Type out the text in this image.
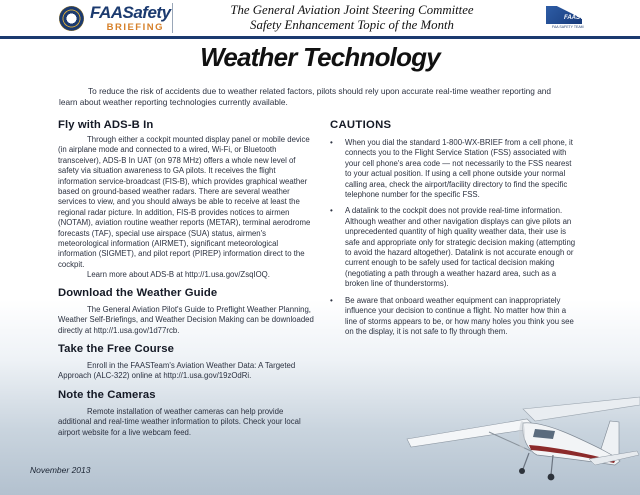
FAASafety
BRIEFING
The General Aviation Joint Steering Committee
Safety Enhancement Topic of the Month	FAAST
FAA SAFETY TEAM
Weather Technology

To reduce the risk of accidents due to weather related factors, pilots should rely upon accurate real-time weather reporting and learn about weather reporting technologies currently available.

Fly with ADS-B In

Through either a cockpit mounted display panel or mobile device (in airplane mode and connected to a wired, Wi-Fi, or Bluetooth transceiver), ADS-B In UAT (on 978 MHz) offers a whole new level of safety via situation awareness to GA pilots. It receives the flight information service-broadcast (FIS-B), which provides graphical weather based on ground-based weather radars. There are several weather services to view, and you should always be able to receive at least the regional radar picture. In addition, FIS-B provides notices to airmen (NOTAM), aviation routine weather reports (METAR), terminal aerodrome forecasts (TAF), special use airspace (SUA) status, airmen's meteorological information (AIRMET), significant meteorological information (SIGMET), and pilot report (PIREP) information direct to the cockpit.

Learn more about ADS-B at http://1.usa.gov/ZsqIOQ.

Download the Weather Guide

The General Aviation Pilot's Guide to Preflight Weather Planning, Weather Self-Briefings, and Weather Decision Making can be downloaded directly at http://1.usa.gov/1d77rcb.

Take the Free Course

Enroll in the FAASTeam's Aviation Weather Data: A Targeted Approach (ALC-322) online at http://1.usa.gov/19zOdRi.

Note the Cameras

Remote installation of weather cameras can help provide additional and real-time weather information to pilots. Check your local airport website for a live webcam feed.

CAUTIONS
• When you dial the standard 1-800-WX-BRIEF from a cell phone, it connects you to the Flight Service Station (FSS) associated with your cell phone's area code — not necessarily to the FSS nearest to your actual position. If using a cell phone outside your normal calling area, check the airport/facility directory to find the specific telephone number for the specific FSS.
• A datalink to the cockpit does not provide real-time information. Although weather and other navigation displays can give pilots an unprecedented quantity of high quality weather data, their use is safe and appropriate only for strategic decision making (attempting to avoid the hazard altogether). Datalink is not accurate enough or current enough to be safely used for tactical decision making (negotiating a path through a weather hazard area, such as a broken line of thunderstorms).
• Be aware that onboard weather equipment can inappropriately influence your decision to continue a flight. No matter how thin a line of storms appears to be, or how many holes you think you see on the display, it is not safe to fly through them.
November 2013
